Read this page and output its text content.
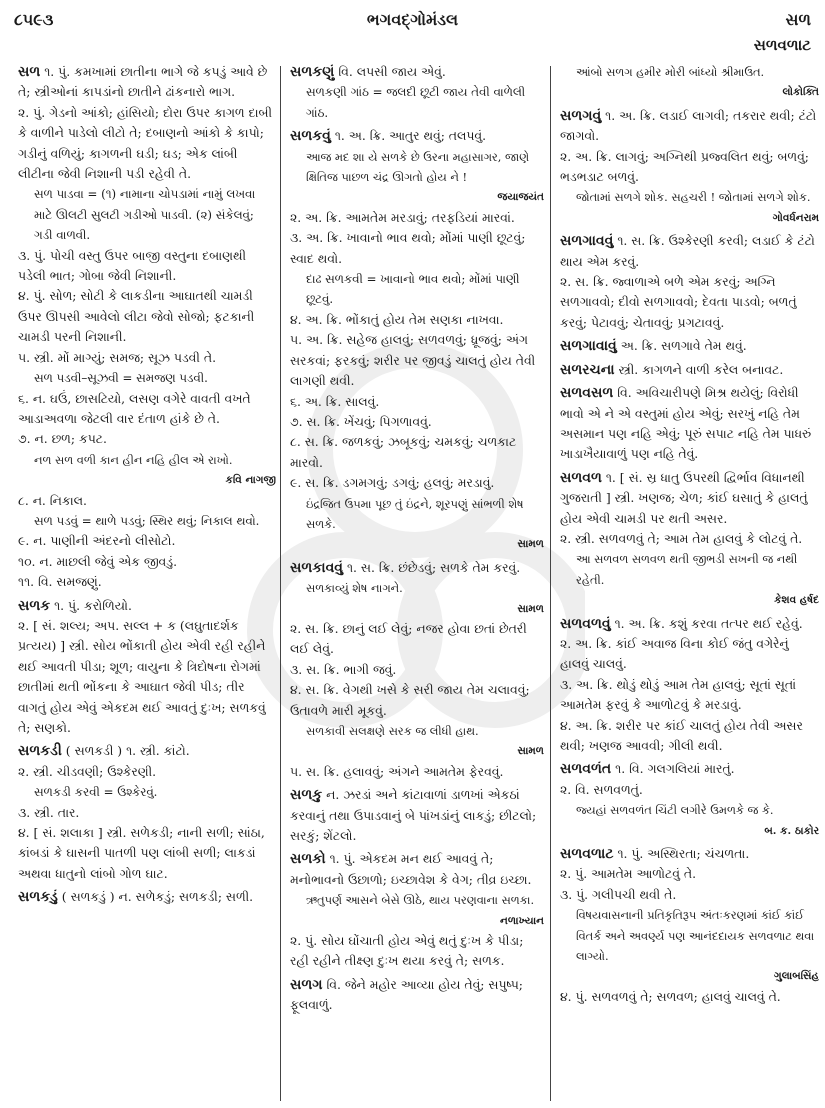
૮૫૯૩	ભગવદ્ગોમંડલ	સળ
સળવળાટ
સળ ૧. પું. કમખામાં છાતીના ભાગે જે કપડું આવે છે તે; સ્ત્રીઓનાં કાપડાંનો છાતીને ઢાંકનારો ભાગ.
૨. પું. ગેડનો આંકો; હાંસિયો; દોરા ઉપર કાગળ દાબી કે વાળીને પાડેલો લીટો તે; દબાણનો આંકો કે કાપો; ગડીનું વળિયું; કાગળની ઘડી; ઘડ; એક લાંબી લીટીના જેવી નિશાની પડી રહેવી તે.
સળ પાડવા = (૧) નામાના ચોપડામાં નામું લખવા માટે ઊલટી સુલટી ગડીઓ પાડવી. (૨) સંકેલવું; ગડી વાળવી.
૩. પું. પોચી વસ્તુ ઉપર બાજી વસ્તુના દબાણથી પડેલી ભાત; ગોબા જેવી નિશાની.
૪. પું. સોળ; સોટી કે લાકડીના આઘાતથી ચામડી ઉપર ઊપસી આવેલો લીટા જેવો સોજો; ફટકાની ચામડી પરની નિશાની.
૫. સ્ત્રી. મોં માગ્યું; સમજ; સૂઝ પડવી તે.
સળ પડવી–સૂઝવી = સમજણ પડવી.
૬. ન. ઘઉં, છાસટિયો, લસણ વગેરે વાવતી વખતે આડાઅવળા જેટલી વાર દંતાળ હાંકે છે તે.
૭. ન. છળ; કપટ.
નળ સળ વળી કાન હીન નહિ હીલ એ રાખો.
કવિ નાગજી
૮. ન. નિકાલ.
સળ પડવું = થાળે પડવું; સ્થિર થવું; નિકાલ થવો.
૯. ન. પાણીની અંદરનો લીસોટો.
૧૦. ન. માછલી જેવું એક જીવડું.
૧૧. વિ. સમજણું.
સળક ૧. પું. કરોળિયો.
૨. [ સં. શલ્ય; અપ. સલ્લ + ક (લઘુતાદર્શક પ્રત્યય) ] સ્ત્રી. સોય ભોંકાતી હોય એવી રહી રહીને થઈ આવતી પીડા; શૂળ; વાયુના કે ત્રિદોષના રોગમાં છાતીમાં થતી ભોંકના કે આઘાત જેવી પીડ; તીર વાગતું હોય એવું એકદમ થઈ આવતું દુઃખ; સળકવું તે; સણકો.
સળકડી ( સળકડી ) ૧. સ્ત્રી. કાંટો.
૨. સ્ત્રી. ચીડવણી; ઉશ્કેરણી.
સળકડી કરવી = ઉશ્કેરવું.
૩. સ્ત્રી. તાર.
૪. [ સં. શલાકા ] સ્ત્રી. સળેકડી; નાની સળી; સાંઠા, કાંબડાં કે ઘાસની પાતળી પણ લાંબી સળી; લાકડાં અથવા ધાતુનો લાંબો ગોળ ઘાટ.
સળકડું ( સળકડું ) ન. સળેકડું; સળકડી; સળી.
સળકણું વિ. લપસી જાય એવું.
સળકણી ગાંઠ = જલદી છૂટી જાય તેવી વાળેલી ગાંઠ.
સળકવું ૧. અ. ક્રિ. આતુર થવું; તલપવું.
આજ મદ શા યે સળકે છે ઉરના મહાસાગર, જાણે ક્ષિતિજ પાછળ ચંદ્ર ઊગતો હોય ને !
જયાજયંત
૨. અ. ક્રિ. આમતેમ મરડાવું; તરફડિયાં મારવાં.
૩. અ. ક્રિ. ખાવાનો ભાવ થવો; મોંમાં પાણી છૂટવું; સ્વાદ થવો.
દાઢ સળકવી = ખાવાનો ભાવ થવો; મોંમાં પાણી છૂટવું.
૪. અ. ક્રિ. ભોંકાતું હોય તેમ સણકા નાખવા.
૫. અ. ક્રિ. સહેજ હાલવું; સળવળવું; ધ્રૂજવું; અંગ સરકવાં; ફરકવું; શરીર પર જીવડું ચાલતું હોય તેવી લાગણી થવી.
૬. અ. ક્રિ. સાલવું.
૭. સ. ક્રિ. ખેંચવું; પિગળાવવું.
૮. સ. ક્રિ. જળકવું; ઝબૂકવું; ચમકવું; ચળકાટ મારવો.
૯. સ. ક્રિ. ડગમગવું; ડગવું; હલવું; મરડાવું.
ઇંદ્રજિત ઉપમા પૂછ તું ઇંદ્રને, શૂરપણું સાંભળી શેષ સળકે.
સામળ
સળકાવવું ૧. સ. ક્રિ. છંછેડવું; સળકે તેમ કરવું.
સળકાવ્યું શેષ નાગને.
સામળ
૨. સ. ક્રિ. છાનું લઈ લેવું; નજર હોવા છતાં છેતરી લઈ લેવું.
૩. સ. ક્રિ. ભાગી જવું.
૪. સ. ક્રિ. વેગથી ખસે કે સરી જાય તેમ ચલાવવું; ઉતાવળે મારી મૂકવું.
સળકાવી સલક્ષણે સરક જ લીધી હાથ.
સામળ
૫. સ. ક્રિ. હલાવવું; અંગને આમતેમ ફેરવવું.
સળકુ ન. ઝરડાં અને કાંટાવાળાં ડાળખાં એકઠાં કરવાનું તથા ઉપાડવાનું બે પાંખડાંનું લાકડું; છીટલો; સરકું; શેંટલો.
સળકો ૧. પું. એકદમ મન થઈ આવવું તે; મનોભાવનો ઉછાળો; ઇચ્છાવેશ કે વેગ; તીવ્ર ઇચ્છા.
ઋતુપર્ણ આસને બેસે ઊઠે, થાય પરણવાના સળકા.
નળાખ્યાન
૨. પું. સોય ઘોંચાતી હોય એવું થતું દુઃખ કે પીડા; રહી રહીને તીક્ષ્ણ દુઃખ થયા કરવું તે; સળક.
સળગ વિ. જેને મહોર આવ્યા હોય તેવું; સપુષ્પ; ફૂલવાળું.
આંબો સળગ હમીર મોરી બાંધ્યો શ્રીમાઉત.
લોકોક્તિ
સળગવું ૧. અ. ક્રિ. લડાઈ લાગવી; તકરાર થવી; ટંટો જાગવો.
૨. અ. ક્રિ. લાગવું; અગ્નિથી પ્રજ્વલિત થવું; બળવું; ભડભડાટ બળવું.
જોતામાં સળગે શોક. સહચરી ! જોતામાં સળગે શોક.
ગોવર્ધનરામ
સળગાવવું ૧. સ. ક્રિ. ઉશ્કેરણી કરવી; લડાઈ કે ટંટો થાય એમ કરવું.
૨. સ. ક્રિ. જ્વાળાએ બળે એમ કરવું; અગ્નિ સળગાવવો; દીવો સળગાવવો; દેવતા પાડવો; બળતું કરવું; પેટાવવું; ચેતાવવું; પ્રગટાવવું.
સળગાવાવું અ. ક્રિ. સળગાવે તેમ થવું.
સળરચના સ્ત્રી. કાગળને વાળી કરેલ બનાવટ.
સળવસળ વિ. અવિચારીપણે મિશ્ર થયેલું; વિરોધી ભાવો એ ને એ વસ્તુમાં હોય એવું; સરખું નહિ તેમ અસમાન પણ નહિ એવું; પૂરું સપાટ નહિ તેમ પાધરું ખાડાખૈયાવાળું પણ નહિ તેવું.
સળવળ ૧. [ સં. સ્ર ધાતુ ઉપરથી દ્વિર્ભાવ વિધાનથી ગુજરાતી ] સ્ત્રી. ખણજ; ચેળ; કાંઈ ઘસાતું કે હાલતું હોય એવી ચામડી પર થતી અસર.
૨. સ્ત્રી. સળવળવું તે; આમ તેમ હાલવું કે લોટવું તે.
આ સળવળ સળવળ થતી જીભડી સખની જ નથી રહેતી.
કેશવ હર્ષદ
સળવળવું ૧. અ. ક્રિ. કશું કરવા તત્પર થઈ રહેવું.
૨. અ. ક્રિ. કાંઈ અવાજ વિના કોઈ જંતુ વગેરેનું હાલવું ચાલવું.
૩. અ. ક્રિ. થોડું થોડું આમ તેમ હાલવું; સૂતાં સૂતાં આમતેમ ફરવું કે આળોટવું કે મરડાવું.
૪. અ. ક્રિ. શરીર પર કાંઈ ચાલતું હોય તેવી અસર થવી; ખણજ આવવી; ગીલી થવી.
સળવળંત ૧. વિ. ગલગલિયાં મારતું.
૨. વિ. સળવળતું.
જ્યહાં સળવળંત ચિંટી લગીરે ઉમળકે જ કે.
બ. ક. ઠાકોર
સળવળાટ ૧. પું. અસ્થિરતા; ચંચળતા.
૨. પું. આમતેમ આળોટવું તે.
૩. પું. ગલીપચી થવી તે.
વિષયવાસનાની પ્રતિકૃતિરૂપ અંતઃકરણમાં કાંઈ કાંઈ વિતર્ક અને અવર્ણ્ય પણ આનંદદાયક સળવળાટ થવા લાગ્યો.
ગુલાબસિંહ
૪. પું. સળવળવું તે; સળવળ; હાલવું ચાલવું તે.
